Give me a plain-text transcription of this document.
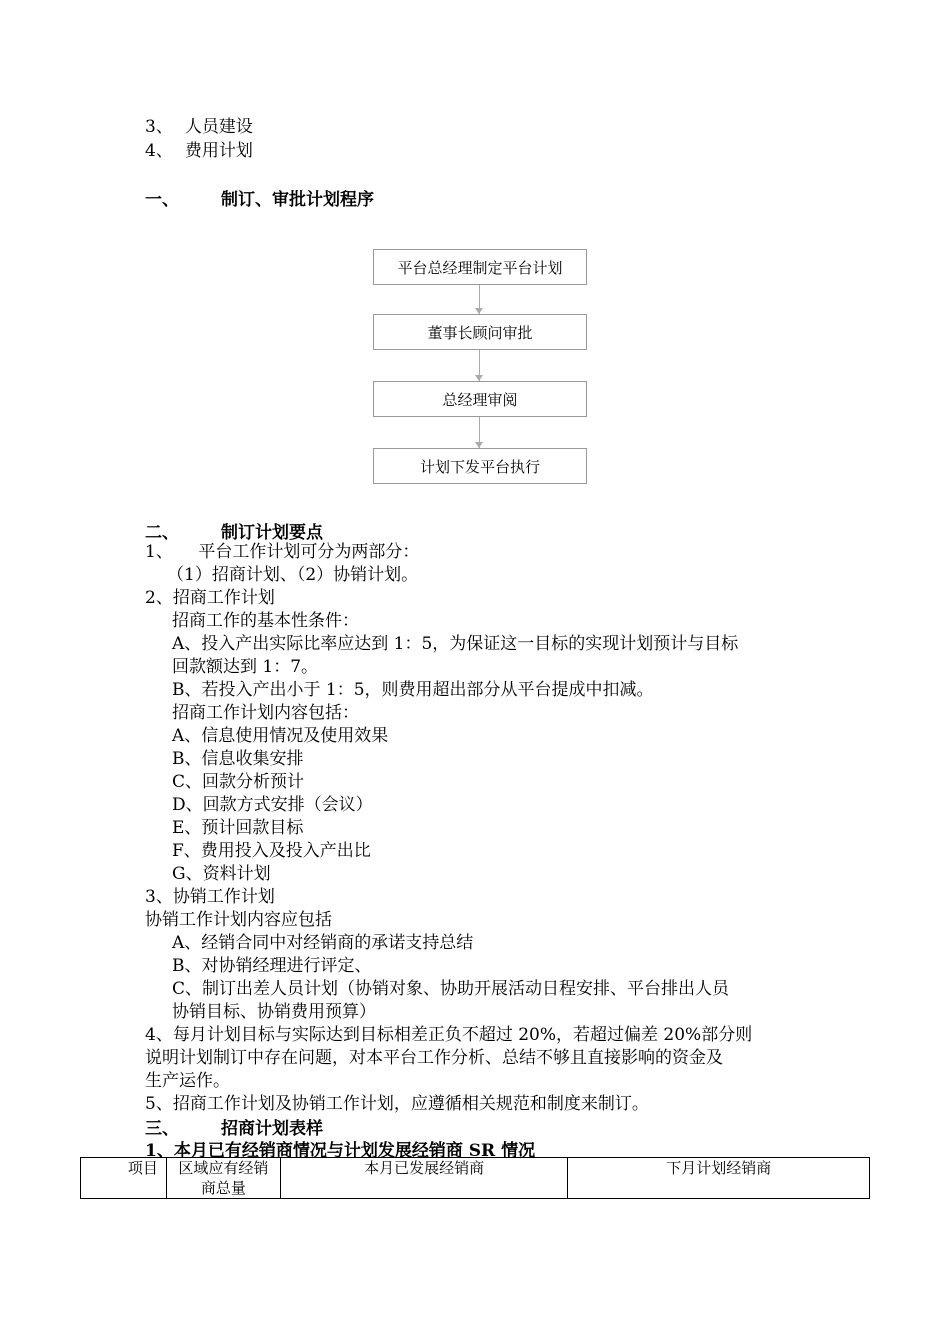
3、 人员建设
4、 费用计划
一、 制订、审批计划程序
平台总经理制定平台计划
董事长顾问审批
总经理审阅
计划下发平台执行
二、 制订计划要点
1、　　平台工作计划可分为两部分：
（1）招商计划、（2）协销计划。
2、招商工作计划
招商工作的基本性条件：
A、投入产出实际比率应达到 1：5，为保证这一目标的实现计划预计与目标
回款额达到 1：7。
B、若投入产出小于 1：5，则费用超出部分从平台提成中扣减。
招商工作计划内容包括：
A、信息使用情况及使用效果
B、信息收集安排
C、回款分析预计
D、回款方式安排（会议）
E、预计回款目标
F、费用投入及投入产出比
G、资料计划
3、协销工作计划
协销工作计划内容应包括
A、经销合同中对经销商的承诺支持总结
B、对协销经理进行评定、
C、制订出差人员计划（协销对象、协助开展活动日程安排、平台排出人员
协销目标、协销费用预算）
4、每月计划目标与实际达到目标相差正负不超过 20%，若超过偏差 20%部分则
说明计划制订中存在问题，对本平台工作分析、总结不够且直接影响的资金及
生产运作。
5、招商工作计划及协销工作计划，应遵循相关规范和制度来制订。
三、 招商计划表样
1、本月已有经销商情况与计划发展经销商 SR 情况
项目	区域应有经销商总量	本月已发展经销商	下月计划经销商
